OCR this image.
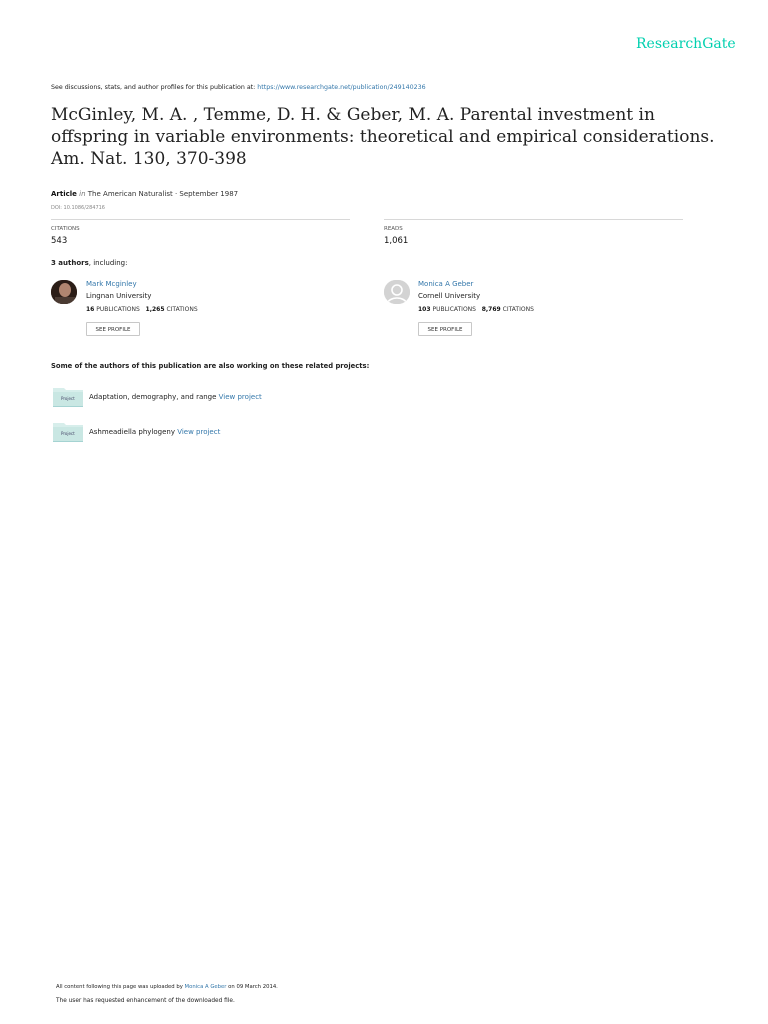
ResearchGate
See discussions, stats, and author profiles for this publication at: https://www.researchgate.net/publication/249140236
McGinley, M. A. , Temme, D. H. & Geber, M. A. Parental investment in offspring in variable environments: theoretical and empirical considerations. Am. Nat. 130, 370-398
Article in The American Naturalist · September 1987
DOI: 10.1086/284716
CITATIONS
543
READS
1,061
3 authors, including:
Mark Mcginley
Lingnan University
16 PUBLICATIONS 1,265 CITATIONS
SEE PROFILE
Monica A Geber
Cornell University
103 PUBLICATIONS 8,769 CITATIONS
SEE PROFILE
Some of the authors of this publication are also working on these related projects:
Project Adaptation, demography, and range View project
Project Ashmeadiella phylogeny View project
All content following this page was uploaded by Monica A Geber on 09 March 2014.
The user has requested enhancement of the downloaded file.
